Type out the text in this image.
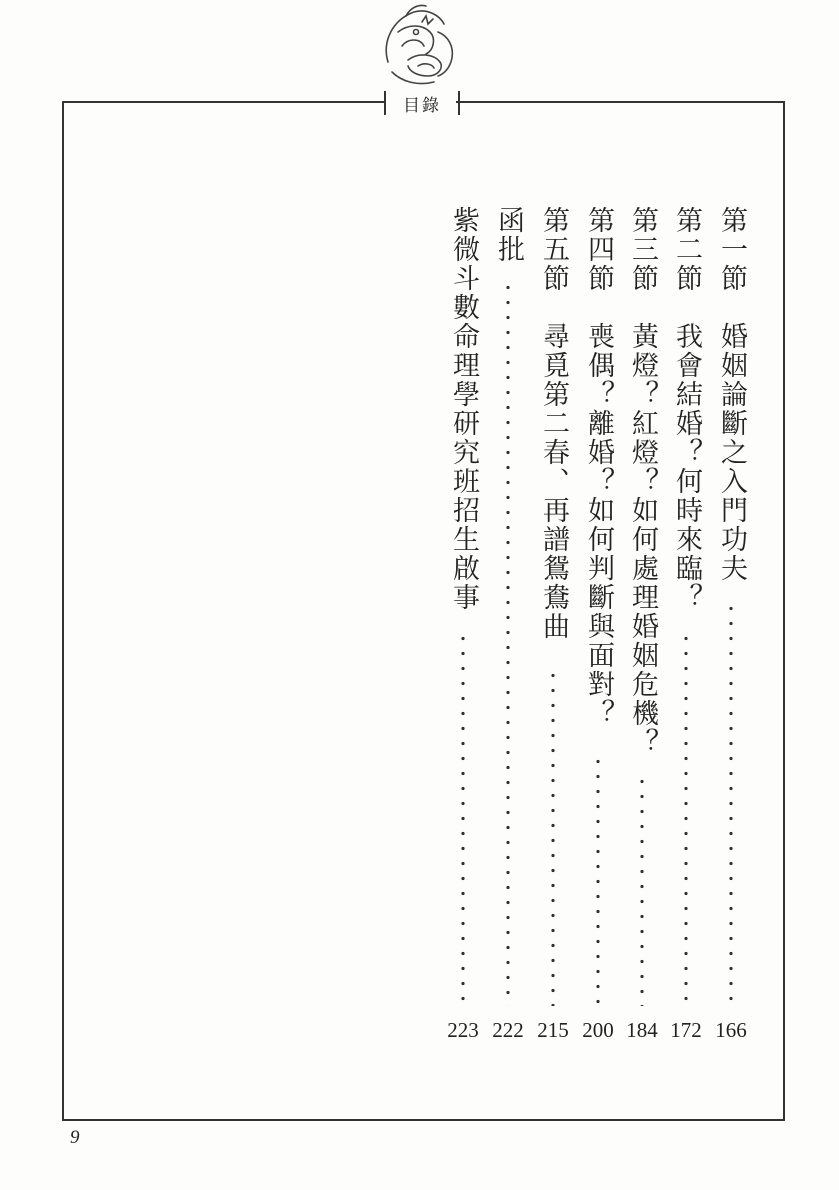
目錄
第一節　婚姻論斷之入門功夫
166
第二節　我會結婚？何時來臨？
172
第三節　黃燈？紅燈？如何處理婚姻危機？
184
第四節　喪偶？離婚？如何判斷與面對？
200
第五節　尋覓第二春、再譜鴛鴦曲
215
函批
222
紫微斗數命理學研究班招生啟事
223
9
